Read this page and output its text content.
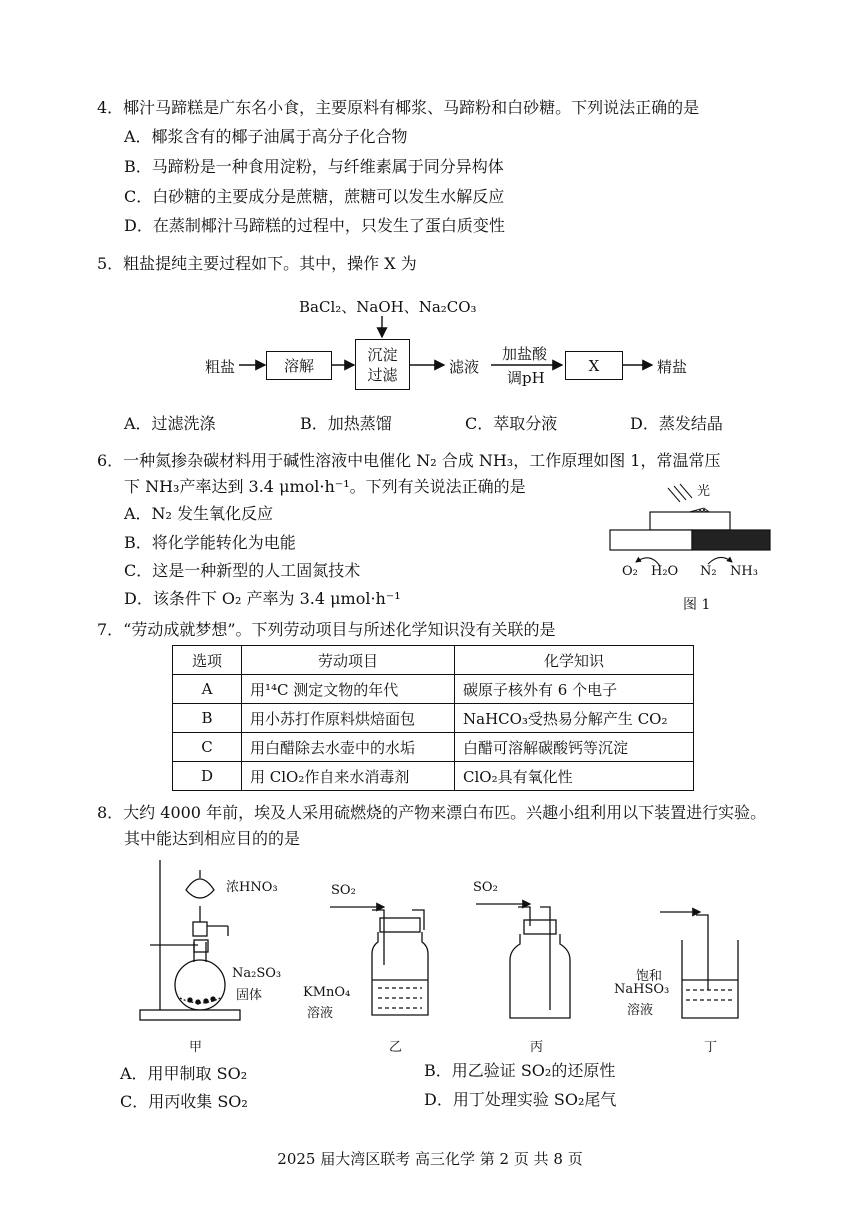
4．椰汁马蹄糕是广东名小食，主要原料有椰浆、马蹄粉和白砂糖。下列说法正确的是
A．椰浆含有的椰子油属于高分子化合物
B．马蹄粉是一种食用淀粉，与纤维素属于同分异构体
C．白砂糖的主要成分是蔗糖，蔗糖可以发生水解反应
D．在蒸制椰汁马蹄糕的过程中，只发生了蛋白质变性
5．粗盐提纯主要过程如下。其中，操作 X 为
BaCl₂、NaOH、Na₂CO₃
粗盐	溶解
沉淀
过滤	滤液
加盐酸
调pH
X	精盐
A．过滤洗涤	B．加热蒸馏	C．萃取分液	D．蒸发结晶
6．一种氮掺杂碳材料用于碱性溶液中电催化 N₂ 合成 NH₃，工作原理如图 1，常温常压
下 NH₃产率达到 3.4 μmol·h⁻¹。下列有关说法正确的是
A．N₂ 发生氧化反应
B．将化学能转化为电能
C．这是一种新型的人工固氮技术
D．该条件下 O₂ 产率为 3.4 μmol·h⁻¹
光
O₂ H₂O N₂ NH₃
图 1
7．“劳动成就梦想”。下列劳动项目与所述化学知识没有关联的是
选项	劳动项目	化学知识
A	用¹⁴C 测定文物的年代	碳原子核外有 6 个电子
B	用小苏打作原料烘焙面包	NaHCO₃受热易分解产生 CO₂
C	用白醋除去水壶中的水垢	白醋可溶解碳酸钙等沉淀
D	用 ClO₂作自来水消毒剂	ClO₂具有氧化性
8．大约 4000 年前，埃及人采用硫燃烧的产物来漂白布匹。兴趣小组利用以下装置进行实验。
其中能达到相应目的的是
浓HNO₃
Na₂SO₃
固体
甲
SO₂
KMnO₄
溶液
乙
SO₂
丙
饱和
NaHSO₃
溶液
丁
A．用甲制取 SO₂	B．用乙验证 SO₂的还原性
C．用丙收集 SO₂	D．用丁处理实验 SO₂尾气
2025 届大湾区联考 高三化学 第 2 页 共 8 页
